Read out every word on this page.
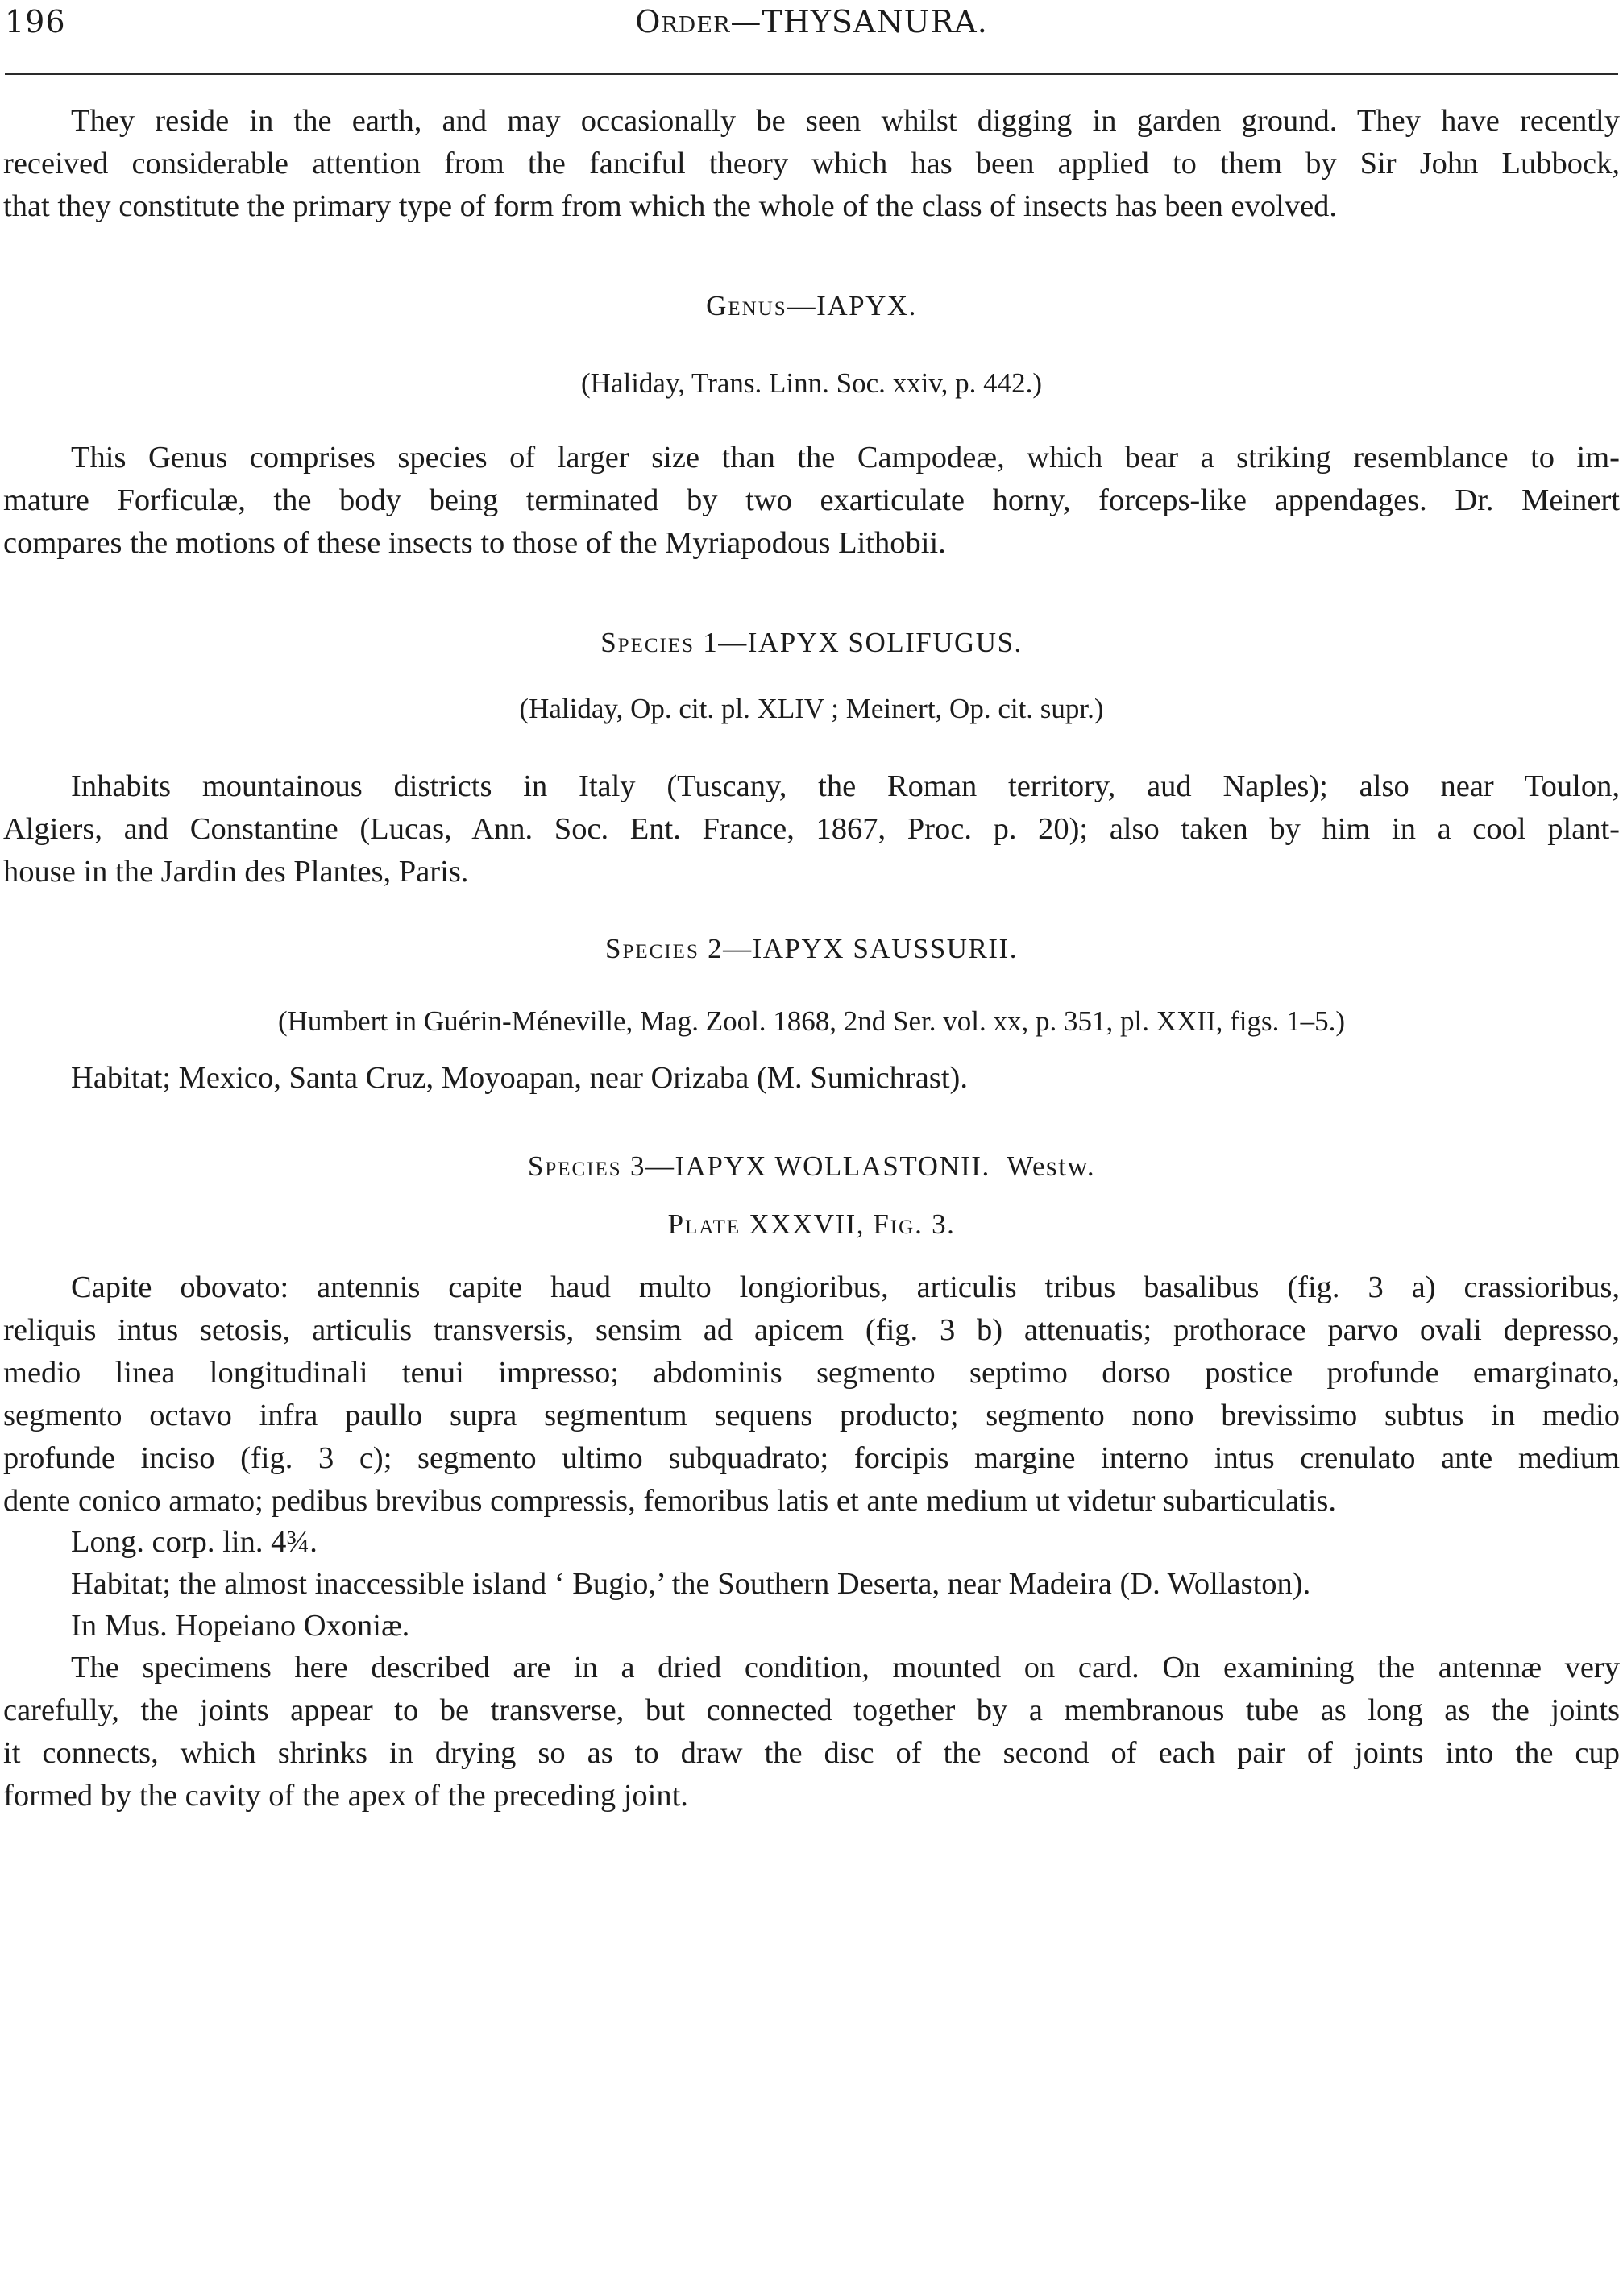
196	Order—THYSANURA.

They reside in the earth, and may occasionally be seen whilst digging in garden ground. They have recently
received considerable attention from the fanciful theory which has been applied to them by Sir John Lubbock,
that they constitute the primary type of form from which the whole of the class of insects has been evolved.

Genus—IAPYX.

(Haliday, Trans. Linn. Soc. xxiv, p. 442.)

This Genus comprises species of larger size than the Campodeæ, which bear a striking resemblance to im-
mature Forficulæ, the body being terminated by two exarticulate horny, forceps-like appendages. Dr. Meinert
compares the motions of these insects to those of the Myriapodous Lithobii.

Species 1—IAPYX SOLIFUGUS.

(Haliday, Op. cit. pl. XLIV ; Meinert, Op. cit. supr.)

Inhabits mountainous districts in Italy (Tuscany, the Roman territory, aud Naples); also near Toulon,
Algiers, and Constantine (Lucas, Ann. Soc. Ent. France, 1867, Proc. p. 20); also taken by him in a cool plant-
house in the Jardin des Plantes, Paris.

Species 2—IAPYX SAUSSURII.

(Humbert in Guérin-Méneville, Mag. Zool. 1868, 2nd Ser. vol. xx, p. 351, pl. XXII, figs. 1–5.)

Habitat; Mexico, Santa Cruz, Moyoapan, near Orizaba (M. Sumichrast).

Species 3—IAPYX WOLLASTONII. Westw.

Plate XXXVII, Fig. 3.

Capite obovato: antennis capite haud multo longioribus, articulis tribus basalibus (fig. 3 a) crassioribus,
reliquis intus setosis, articulis transversis, sensim ad apicem (fig. 3 b) attenuatis; prothorace parvo ovali depresso,
medio linea longitudinali tenui impresso; abdominis segmento septimo dorso postice profunde emarginato,
segmento octavo infra paullo supra segmentum sequens producto; segmento nono brevissimo subtus in medio
profunde inciso (fig. 3 c); segmento ultimo subquadrato; forcipis margine interno intus crenulato ante medium
dente conico armato; pedibus brevibus compressis, femoribus latis et ante medium ut videtur subarticulatis.

Long. corp. lin. 4¾.

Habitat; the almost inaccessible island ‘ Bugio,’ the Southern Deserta, near Madeira (D. Wollaston).

In Mus. Hopeiano Oxoniæ.

The specimens here described are in a dried condition, mounted on card. On examining the antennæ very
carefully, the joints appear to be transverse, but connected together by a membranous tube as long as the joints
it connects, which shrinks in drying so as to draw the disc of the second of each pair of joints into the cup
formed by the cavity of the apex of the preceding joint.
